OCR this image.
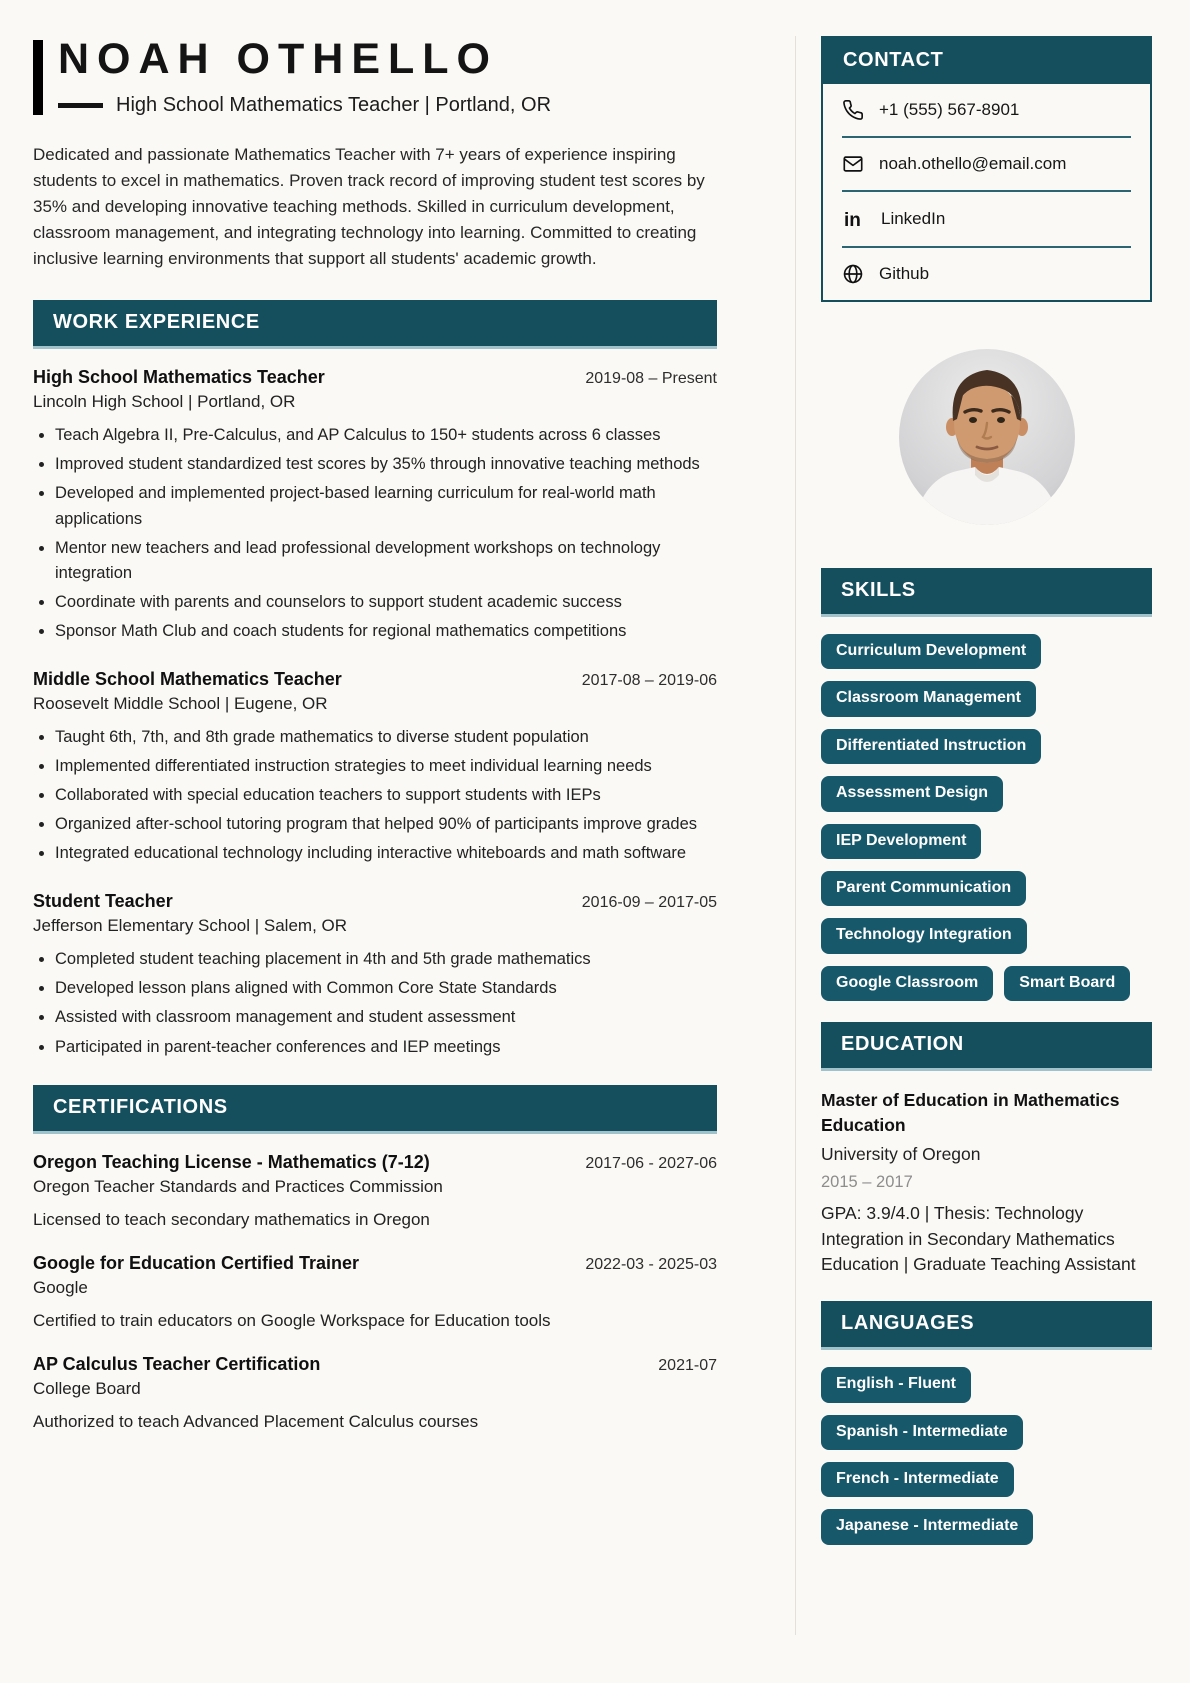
NOAH OTHELLO
High School Mathematics Teacher | Portland, OR

Dedicated and passionate Mathematics Teacher with 7+ years of experience inspiring students to excel in mathematics. Proven track record of improving student test scores by 35% and developing innovative teaching methods. Skilled in curriculum development, classroom management, and integrating technology into learning. Committed to creating inclusive learning environments that support all students' academic growth.

WORK EXPERIENCE
High School Mathematics Teacher	2019-08 – Present
Lincoln High School | Portland, OR
• Teach Algebra II, Pre-Calculus, and AP Calculus to 150+ students across 6 classes
• Improved student standardized test scores by 35% through innovative teaching methods
• Developed and implemented project-based learning curriculum for real-world math applications
• Mentor new teachers and lead professional development workshops on technology integration
• Coordinate with parents and counselors to support student academic success
• Sponsor Math Club and coach students for regional mathematics competitions
Middle School Mathematics Teacher	2017-08 – 2019-06
Roosevelt Middle School | Eugene, OR
• Taught 6th, 7th, and 8th grade mathematics to diverse student population
• Implemented differentiated instruction strategies to meet individual learning needs
• Collaborated with special education teachers to support students with IEPs
• Organized after-school tutoring program that helped 90% of participants improve grades
• Integrated educational technology including interactive whiteboards and math software
Student Teacher	2016-09 – 2017-05
Jefferson Elementary School | Salem, OR
• Completed student teaching placement in 4th and 5th grade mathematics
• Developed lesson plans aligned with Common Core State Standards
• Assisted with classroom management and student assessment
• Participated in parent-teacher conferences and IEP meetings
CERTIFICATIONS
Oregon Teaching License - Mathematics (7-12)	2017-06 - 2027-06
Oregon Teacher Standards and Practices Commission
Licensed to teach secondary mathematics in Oregon
Google for Education Certified Trainer	2022-03 - 2025-03
Google
Certified to train educators on Google Workspace for Education tools
AP Calculus Teacher Certification	2021-07
College Board
Authorized to teach Advanced Placement Calculus courses
CONTACT
+1 (555) 567-8901
noah.othello@email.com
in LinkedIn
Github
SKILLS
Curriculum DevelopmentClassroom ManagementDifferentiated InstructionAssessment DesignIEP DevelopmentParent CommunicationTechnology IntegrationGoogle Classroom	Smart Board
EDUCATION
Master of Education in Mathematics Education
University of Oregon
2015 – 2017
GPA: 3.9/4.0 | Thesis: Technology Integration in Secondary Mathematics Education | Graduate Teaching Assistant
LANGUAGES
English - FluentSpanish - IntermediateFrench - IntermediateJapanese - Intermediate
